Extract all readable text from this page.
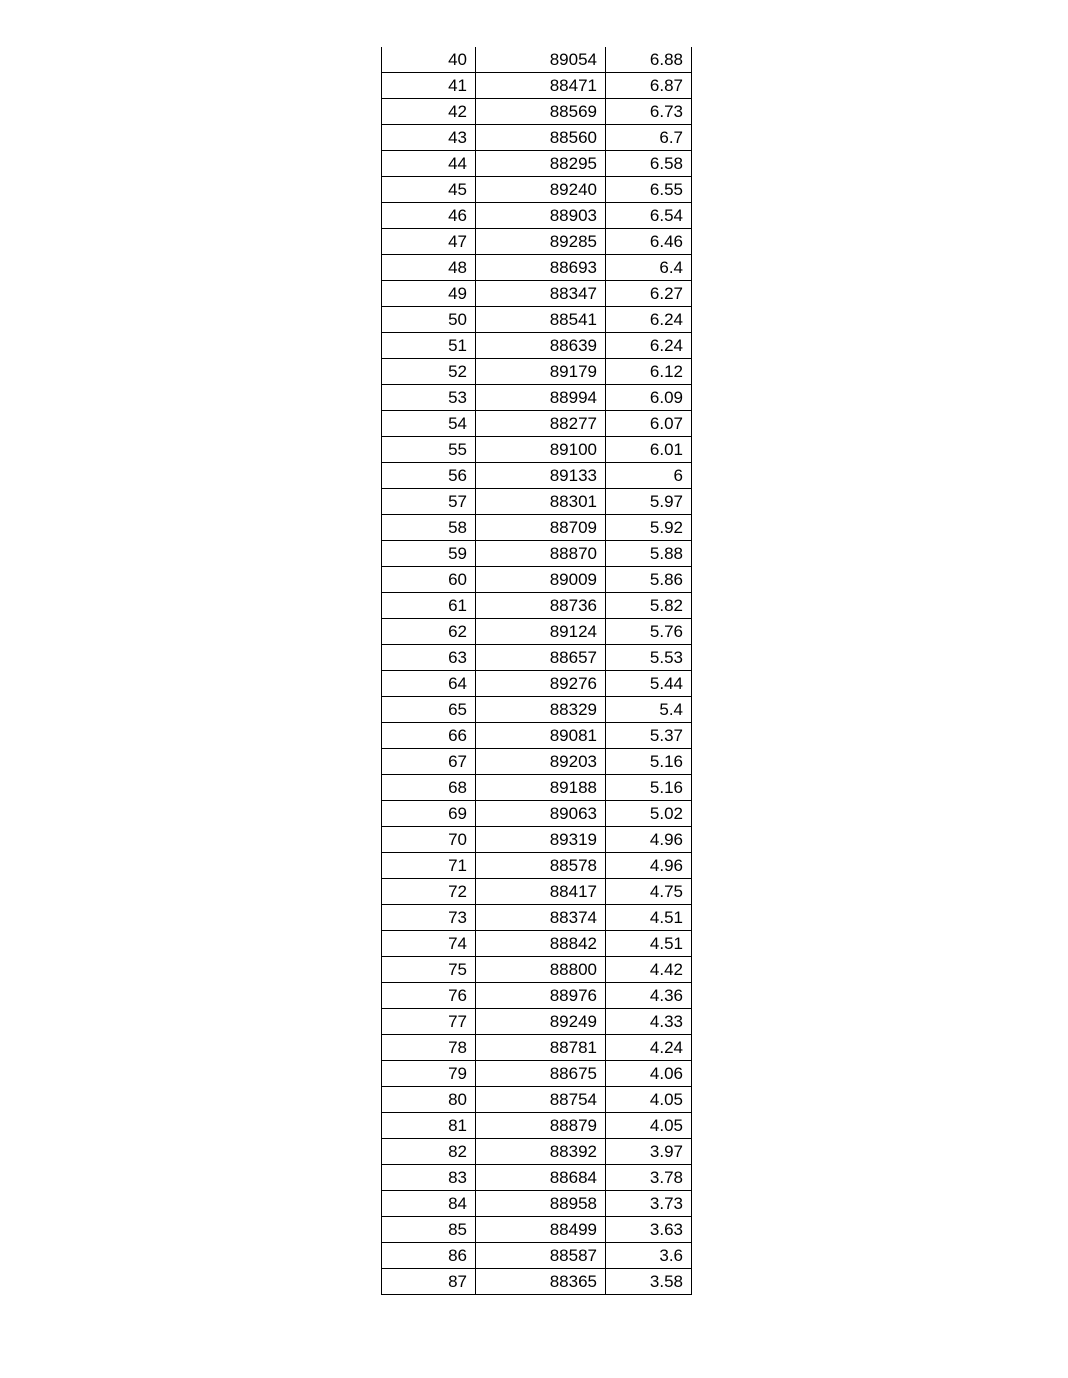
40	89054	6.88
41	88471	6.87
42	88569	6.73
43	88560	6.7
44	88295	6.58
45	89240	6.55
46	88903	6.54
47	89285	6.46
48	88693	6.4
49	88347	6.27
50	88541	6.24
51	88639	6.24
52	89179	6.12
53	88994	6.09
54	88277	6.07
55	89100	6.01
56	89133	6
57	88301	5.97
58	88709	5.92
59	88870	5.88
60	89009	5.86
61	88736	5.82
62	89124	5.76
63	88657	5.53
64	89276	5.44
65	88329	5.4
66	89081	5.37
67	89203	5.16
68	89188	5.16
69	89063	5.02
70	89319	4.96
71	88578	4.96
72	88417	4.75
73	88374	4.51
74	88842	4.51
75	88800	4.42
76	88976	4.36
77	89249	4.33
78	88781	4.24
79	88675	4.06
80	88754	4.05
81	88879	4.05
82	88392	3.97
83	88684	3.78
84	88958	3.73
85	88499	3.63
86	88587	3.6
87	88365	3.58
